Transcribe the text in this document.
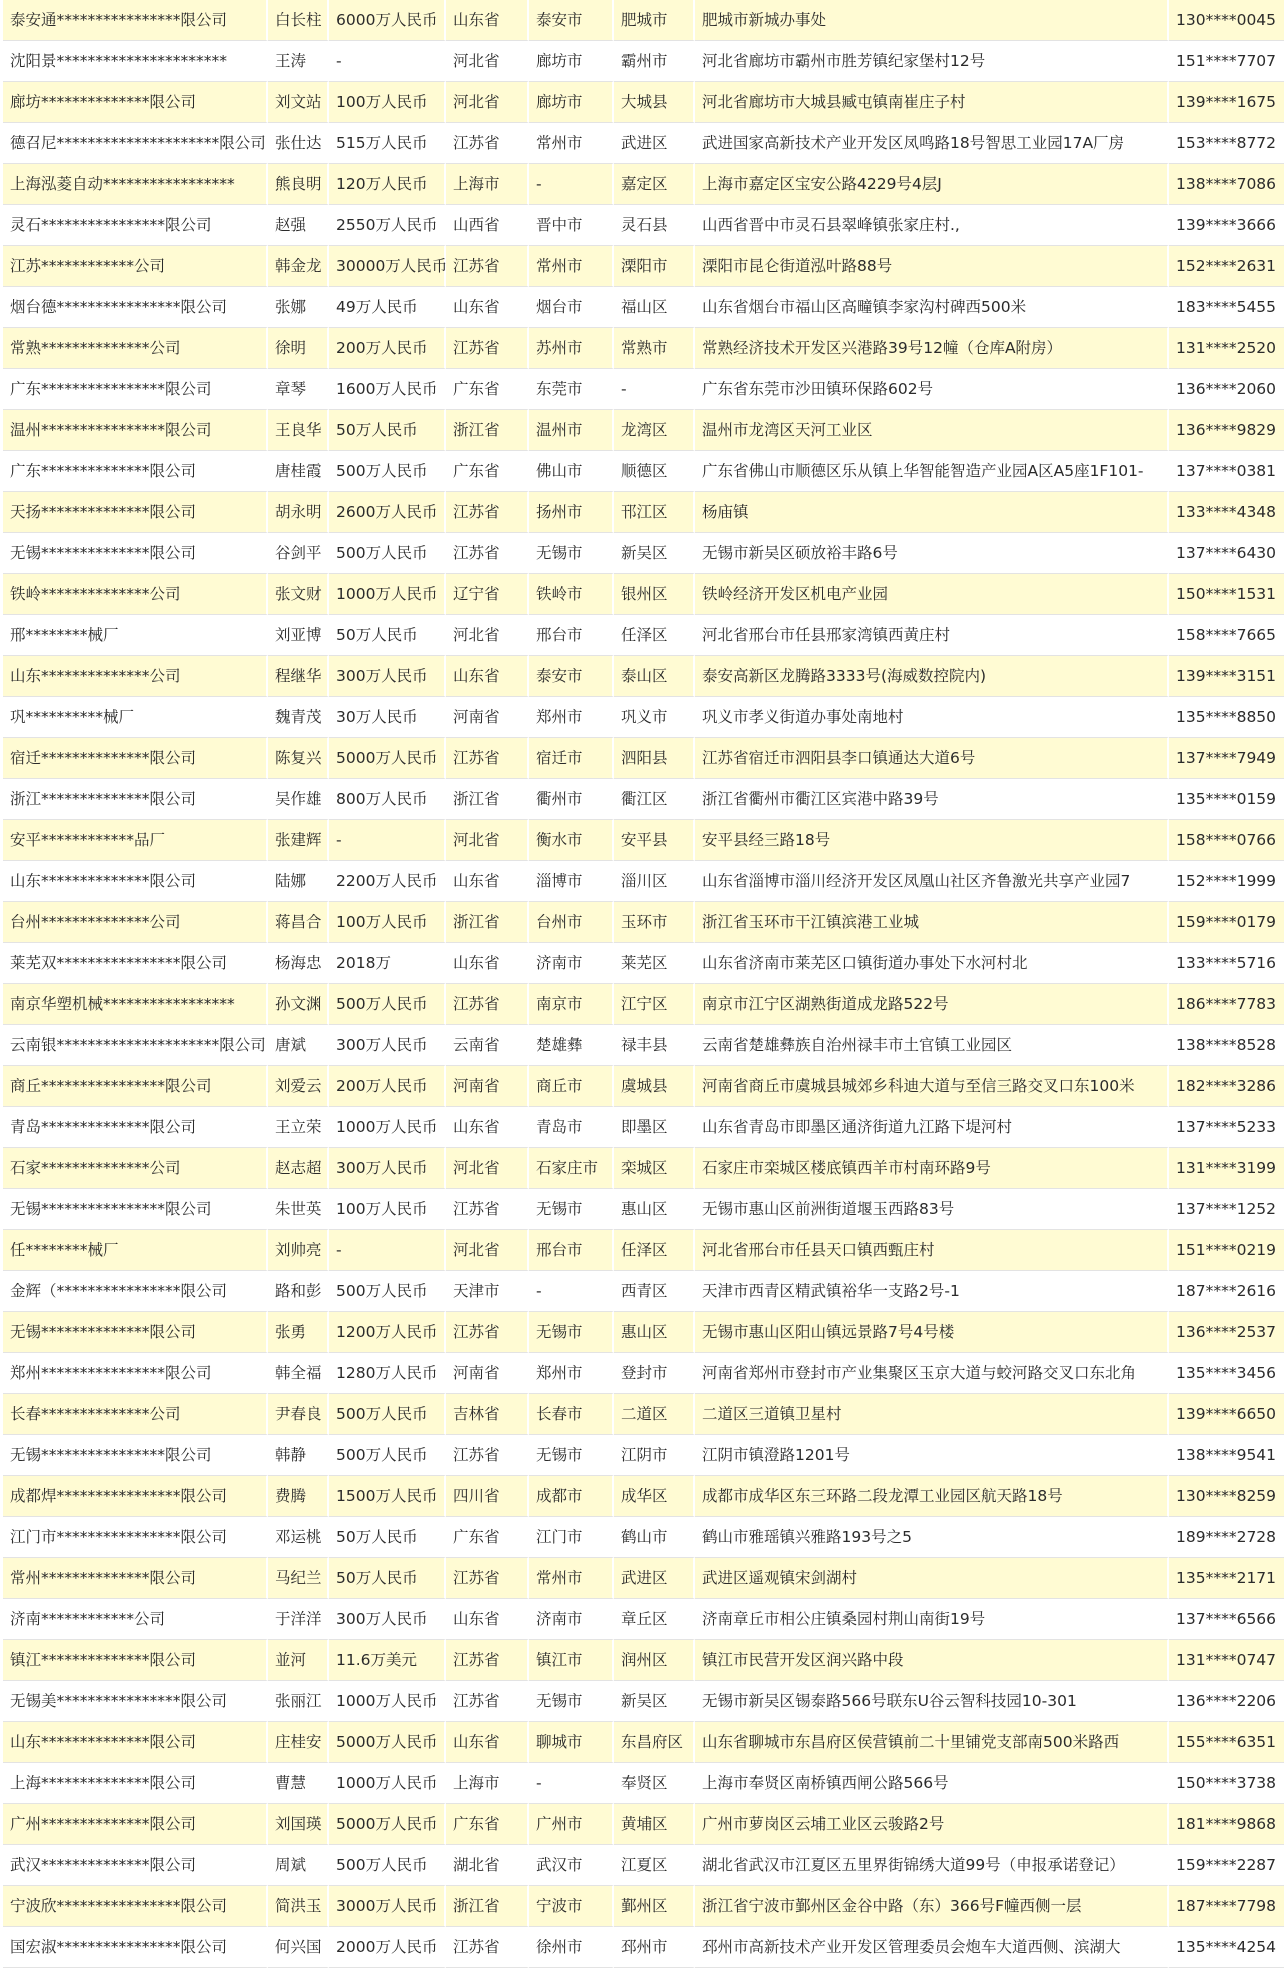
泰安通****************限公司	白长柱	6000万人民币	山东省	泰安市	肥城市	肥城市新城办事处	130****0045
沈阳景**********************	王涛	-	河北省	廊坊市	霸州市	河北省廊坊市霸州市胜芳镇纪家堡村12号	151****7707
廊坊**************限公司	刘文站	100万人民币	河北省	廊坊市	大城县	河北省廊坊市大城县臧屯镇南崔庄子村	139****1675
德召尼*********************限公司	张仕达	515万人民币	江苏省	常州市	武进区	武进国家高新技术产业开发区凤鸣路18号智思工业园17A厂房	153****8772
上海泓菱自动*****************	熊良明	120万人民币	上海市	-	嘉定区	上海市嘉定区宝安公路4229号4层J	138****7086
灵石****************限公司	赵强	2550万人民币	山西省	晋中市	灵石县	山西省晋中市灵石县翠峰镇张家庄村.,	139****3666
江苏************公司	韩金龙	30000万人民币	江苏省	常州市	溧阳市	溧阳市昆仑街道泓叶路88号	152****2631
烟台德****************限公司	张娜	49万人民币	山东省	烟台市	福山区	山东省烟台市福山区高疃镇李家沟村碑西500米	183****5455
常熟**************公司	徐明	200万人民币	江苏省	苏州市	常熟市	常熟经济技术开发区兴港路39号12幢（仓库A附房）	131****2520
广东****************限公司	章琴	1600万人民币	广东省	东莞市	-	广东省东莞市沙田镇环保路602号	136****2060
温州****************限公司	王良华	50万人民币	浙江省	温州市	龙湾区	温州市龙湾区天河工业区	136****9829
广东**************限公司	唐桂霞	500万人民币	广东省	佛山市	顺德区	广东省佛山市顺德区乐从镇上华智能智造产业园A区A5座1F101-	137****0381
天扬**************限公司	胡永明	2600万人民币	江苏省	扬州市	邗江区	杨庙镇	133****4348
无锡**************限公司	谷剑平	500万人民币	江苏省	无锡市	新吴区	无锡市新吴区硕放裕丰路6号	137****6430
铁岭**************公司	张文财	1000万人民币	辽宁省	铁岭市	银州区	铁岭经济开发区机电产业园	150****1531
邢********械厂	刘亚博	50万人民币	河北省	邢台市	任泽区	河北省邢台市任县邢家湾镇西黄庄村	158****7665
山东**************公司	程继华	300万人民币	山东省	泰安市	泰山区	泰安高新区龙腾路3333号(海威数控院内)	139****3151
巩**********械厂	魏青茂	30万人民币	河南省	郑州市	巩义市	巩义市孝义街道办事处南地村	135****8850
宿迁**************限公司	陈复兴	5000万人民币	江苏省	宿迁市	泗阳县	江苏省宿迁市泗阳县李口镇通达大道6号	137****7949
浙江**************限公司	吴作雄	800万人民币	浙江省	衢州市	衢江区	浙江省衢州市衢江区宾港中路39号	135****0159
安平************品厂	张建辉	-	河北省	衡水市	安平县	安平县经三路18号	158****0766
山东**************限公司	陆娜	2200万人民币	山东省	淄博市	淄川区	山东省淄博市淄川经济开发区凤凰山社区齐鲁激光共享产业园7	152****1999
台州**************公司	蒋昌合	100万人民币	浙江省	台州市	玉环市	浙江省玉环市干江镇滨港工业城	159****0179
莱芜双****************限公司	杨海忠	2018万	山东省	济南市	莱芜区	山东省济南市莱芜区口镇街道办事处下水河村北	133****5716
南京华塑机械*****************	孙文渊	500万人民币	江苏省	南京市	江宁区	南京市江宁区湖熟街道成龙路522号	186****7783
云南银*********************限公司	唐斌	300万人民币	云南省	楚雄彝	禄丰县	云南省楚雄彝族自治州禄丰市土官镇工业园区	138****8528
商丘****************限公司	刘爱云	200万人民币	河南省	商丘市	虞城县	河南省商丘市虞城县城郊乡科迪大道与至信三路交叉口东100米	182****3286
青岛**************限公司	王立荣	1000万人民币	山东省	青岛市	即墨区	山东省青岛市即墨区通济街道九江路下堤河村	137****5233
石家**************公司	赵志超	300万人民币	河北省	石家庄市	栾城区	石家庄市栾城区楼底镇西羊市村南环路9号	131****3199
无锡****************限公司	朱世英	100万人民币	江苏省	无锡市	惠山区	无锡市惠山区前洲街道堰玉西路83号	137****1252
任********械厂	刘帅亮	-	河北省	邢台市	任泽区	河北省邢台市任县天口镇西甄庄村	151****0219
金辉（****************限公司	路和彭	500万人民币	天津市	-	西青区	天津市西青区精武镇裕华一支路2号-1	187****2616
无锡**************限公司	张勇	1200万人民币	江苏省	无锡市	惠山区	无锡市惠山区阳山镇远景路7号4号楼	136****2537
郑州****************限公司	韩全福	1280万人民币	河南省	郑州市	登封市	河南省郑州市登封市产业集聚区玉京大道与蛟河路交叉口东北角	135****3456
长春**************公司	尹春良	500万人民币	吉林省	长春市	二道区	二道区三道镇卫星村	139****6650
无锡****************限公司	韩静	500万人民币	江苏省	无锡市	江阴市	江阴市镇澄路1201号	138****9541
成都焊****************限公司	费腾	1500万人民币	四川省	成都市	成华区	成都市成华区东三环路二段龙潭工业园区航天路18号	130****8259
江门市****************限公司	邓运桃	50万人民币	广东省	江门市	鹤山市	鹤山市雅瑶镇兴雅路193号之5	189****2728
常州**************限公司	马纪兰	50万人民币	江苏省	常州市	武进区	武进区遥观镇宋剑湖村	135****2171
济南************公司	于洋洋	300万人民币	山东省	济南市	章丘区	济南章丘市相公庄镇桑园村荆山南街19号	137****6566
镇江**************限公司	並河	11.6万美元	江苏省	镇江市	润州区	镇江市民营开发区润兴路中段	131****0747
无锡美****************限公司	张丽江	1000万人民币	江苏省	无锡市	新吴区	无锡市新吴区锡泰路566号联东U谷云智科技园10-301	136****2206
山东**************限公司	庄桂安	5000万人民币	山东省	聊城市	东昌府区	山东省聊城市东昌府区侯营镇前二十里铺党支部南500米路西	155****6351
上海**************限公司	曹慧	1000万人民币	上海市	-	奉贤区	上海市奉贤区南桥镇西闸公路566号	150****3738
广州**************限公司	刘国瑛	5000万人民币	广东省	广州市	黄埔区	广州市萝岗区云埔工业区云骏路2号	181****9868
武汉**************限公司	周斌	500万人民币	湖北省	武汉市	江夏区	湖北省武汉市江夏区五里界街锦绣大道99号（申报承诺登记）	159****2287
宁波欣****************限公司	简洪玉	3000万人民币	浙江省	宁波市	鄞州区	浙江省宁波市鄞州区金谷中路（东）366号F幢西侧一层	187****7798
国宏淑****************限公司	何兴国	2000万人民币	江苏省	徐州市	邳州市	邳州市高新技术产业开发区管理委员会炮车大道西侧、滨湖大	135****4254
